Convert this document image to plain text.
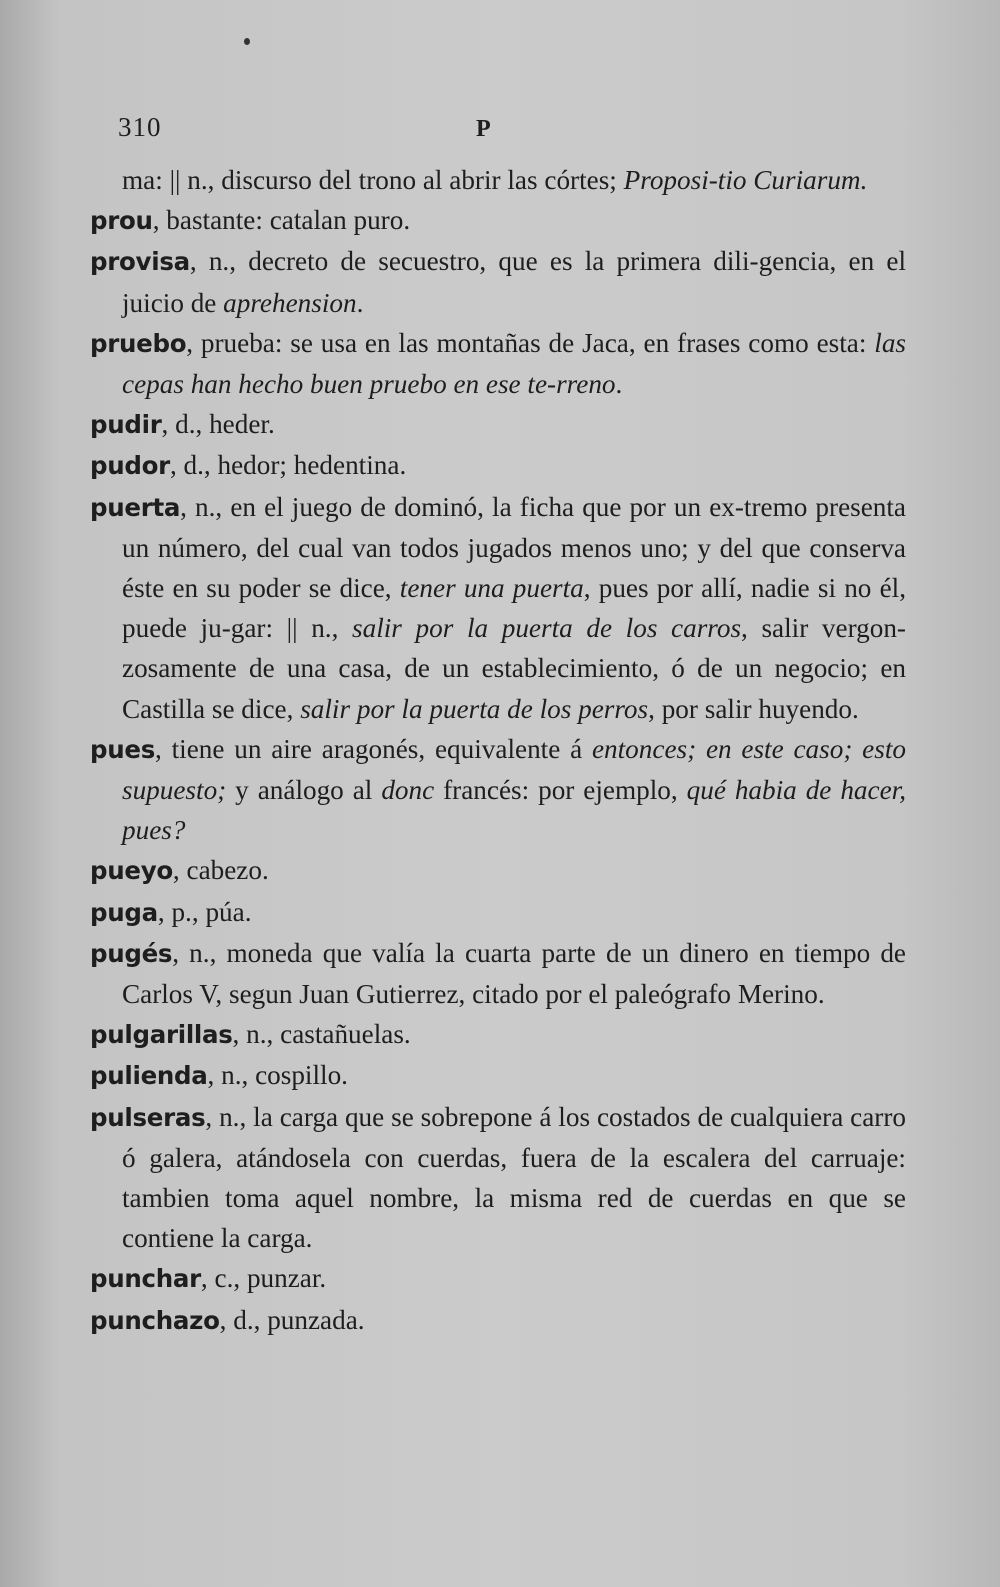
310	P

ma: || n., discurso del trono al abrir las córtes; Proposi-tio Curiarum.

prou, bastante: catalan puro.

provisa, n., decreto de secuestro, que es la primera dili-gencia, en el juicio de aprehension.

pruebo, prueba: se usa en las montañas de Jaca, en frases como esta: las cepas han hecho buen pruebo en ese te-rreno.

pudir, d., heder.

pudor, d., hedor; hedentina.

puerta, n., en el juego de dominó, la ficha que por un ex-tremo presenta un número, del cual van todos jugados menos uno; y del que conserva éste en su poder se dice, tener una puerta, pues por allí, nadie si no él, puede ju-gar: || n., salir por la puerta de los carros, salir vergon-zosamente de una casa, de un establecimiento, ó de un negocio; en Castilla se dice, salir por la puerta de los perros, por salir huyendo.

pues, tiene un aire aragonés, equivalente á entonces; en este caso; esto supuesto; y análogo al donc francés: por ejemplo, qué habia de hacer, pues?

pueyo, cabezo.

puga, p., púa.

pugés, n., moneda que valía la cuarta parte de un dinero en tiempo de Carlos V, segun Juan Gutierrez, citado por el paleógrafo Merino.

pulgarillas, n., castañuelas.

pulienda, n., cospillo.

pulseras, n., la carga que se sobrepone á los costados de cualquiera carro ó galera, atándosela con cuerdas, fuera de la escalera del carruaje: tambien toma aquel nombre, la misma red de cuerdas en que se contiene la carga.

punchar, c., punzar.

punchazo, d., punzada.
